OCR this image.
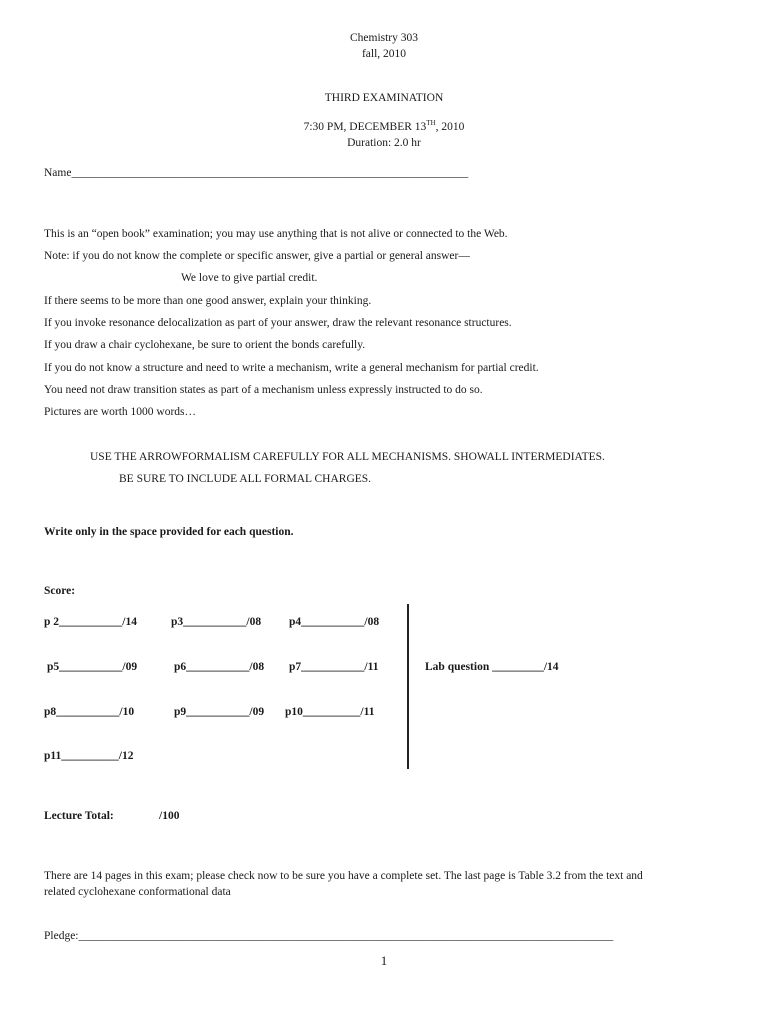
Chemistry 303
fall, 2010
THIRD EXAMINATION
7:30 PM, DECEMBER 13TH, 2010
Duration: 2.0 hr
Name_____________________________________________________________________
This is an “open book” examination; you may use anything that is not alive or connected to the Web.
Note: if you do not know the complete or specific answer, give a partial or general answer—
We love to give partial credit.
If there seems to be more than one good answer, explain your thinking.
If you invoke resonance delocalization as part of your answer, draw the relevant resonance structures.
If you draw a chair cyclohexane, be sure to orient the bonds carefully.
If you do not know a structure and need to write a mechanism, write a general mechanism for partial credit.
You need not draw transition states as part of a mechanism unless expressly instructed to do so.
Pictures are worth 1000 words…
USE THE ARROWFORMALISM CAREFULLY FOR ALL MECHANISMS. SHOWALL INTERMEDIATES.
BE SURE TO INCLUDE ALL FORMAL CHARGES.
Write only in the space provided for each question.
Score:
p 2___________/14	p3___________/08 p4___________/08
p5___________/09	p6___________/08 p7___________/11
p8___________/10	p9___________/09 p10__________/11
p11__________/12
Lab question _________/14
Lecture Total:	/100
There are 14 pages in this exam; please check now to be sure you have a complete set. The last page is Table 3.2 from the text and
related cyclohexane conformational data
Pledge:_____________________________________________________________________________________________
1
